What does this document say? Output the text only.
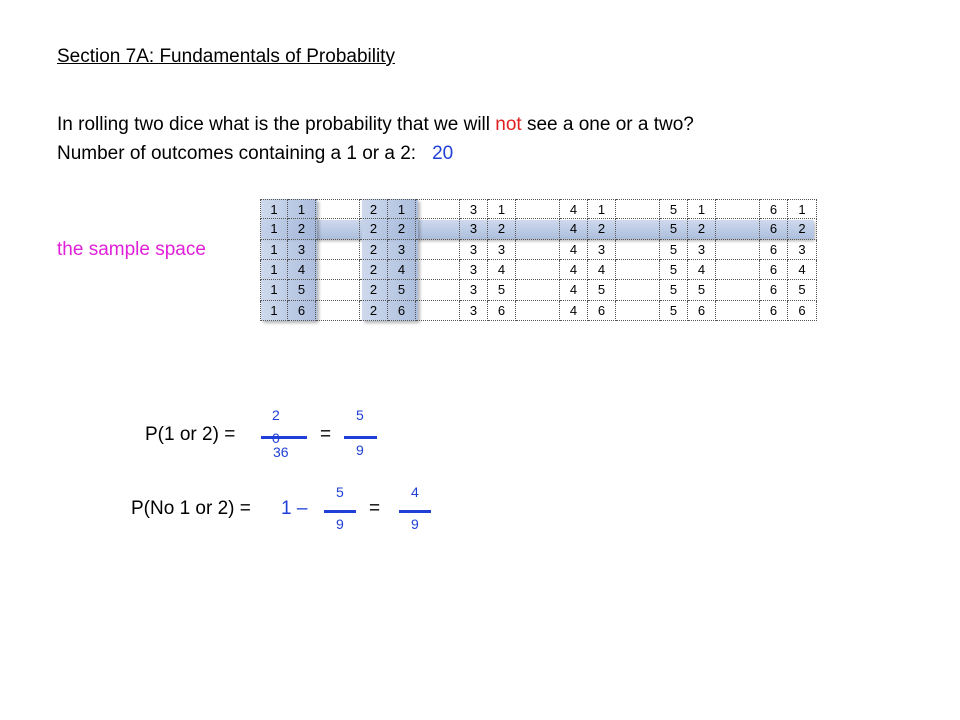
Section 7A: Fundamentals of Probability
In rolling two dice what is the probability that we will not see a one or a two?
Number of outcomes containing a 1 or a 2: 20
the sample space
1	1	2	1	3	1	4	1	5	1	6	1
1	2	2	2	3	2	4	2	5	2	6	2
1	3	2	3	3	3	4	3	5	3	6	3
1	4	2	4	3	4	4	4	5	4	6	4
1	5	2	5	3	5	4	5	5	5	6	5
1	6	2	6	3	6	4	6	5	6	6	6
P(1 or 2) =
2
36
=
5
9
P(No 1 or 2) = 1 –
5
9
=
4
9
